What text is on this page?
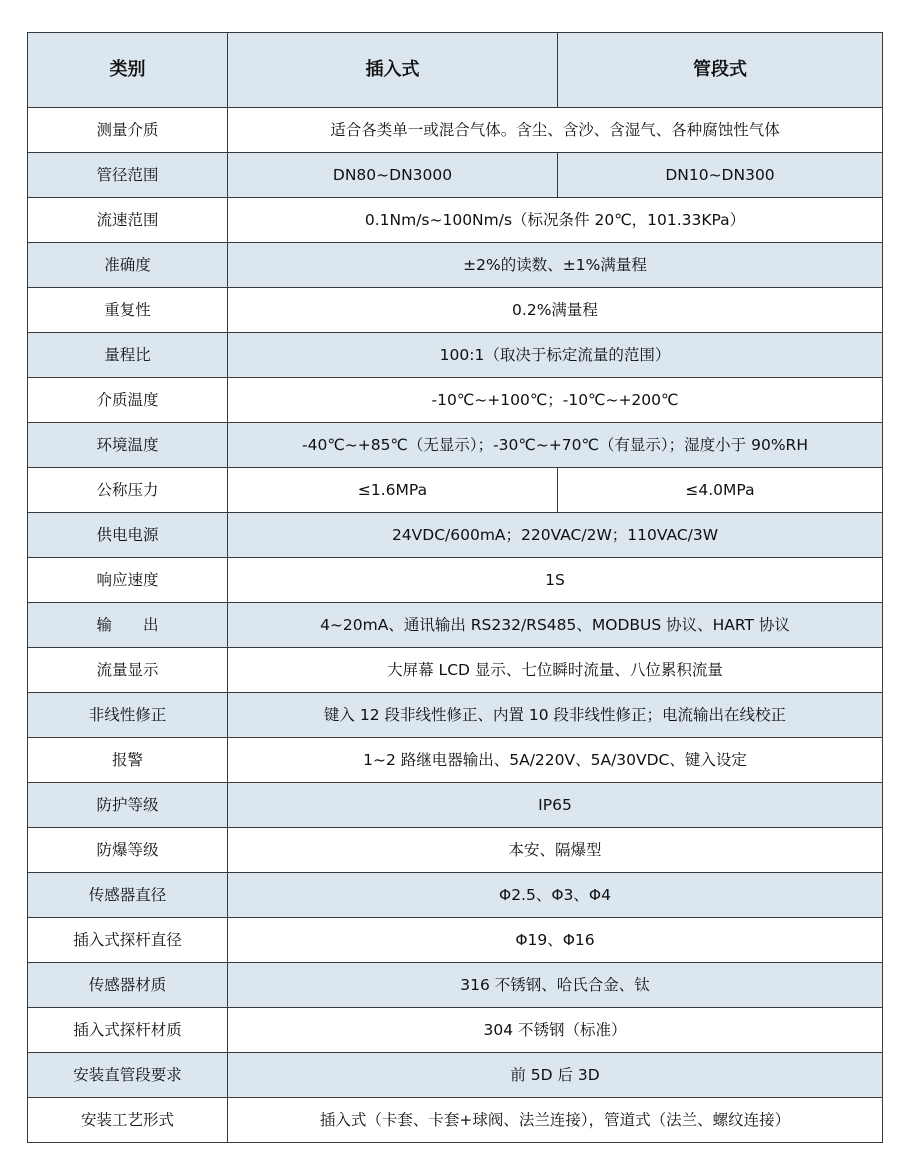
类别	插入式	管段式
测量介质	适合各类单一或混合气体。含尘、含沙、含湿气、各种腐蚀性气体	
管径范围	DN80~DN3000	DN10~DN300
流速范围	0.1Nm/s~100Nm/s（标况条件 20℃，101.33KPa）	
准确度	±2%的读数、±1%满量程	
重复性	0.2%满量程	
量程比	100:1（取决于标定流量的范围）	
介质温度	-10℃~+100℃；-10℃~+200℃	
环境温度	-40℃~+85℃（无显示）；-30℃~+70℃（有显示）；湿度小于 90%RH	
公称压力	≤1.6MPa	≤4.0MPa
供电电源	24VDC/600mA；220VAC/2W；110VAC/3W	
响应速度	1S	
输　　出	4~20mA、通讯输出 RS232/RS485、MODBUS 协议、HART 协议	
流量显示	大屏幕 LCD 显示、七位瞬时流量、八位累积流量	
非线性修正	键入 12 段非线性修正、内置 10 段非线性修正；电流输出在线校正	
报警	1~2 路继电器输出、5A/220V、5A/30VDC、键入设定	
防护等级	IP65	
防爆等级	本安、隔爆型	
传感器直径	Φ2.5、Φ3、Φ4	
插入式探杆直径	Φ19、Φ16	
传感器材质	316 不锈钢、哈氏合金、钛	
插入式探杆材质	304 不锈钢（标准）	
安装直管段要求	前 5D 后 3D	
安装工艺形式	插入式（卡套、卡套+球阀、法兰连接），管道式（法兰、螺纹连接）	
